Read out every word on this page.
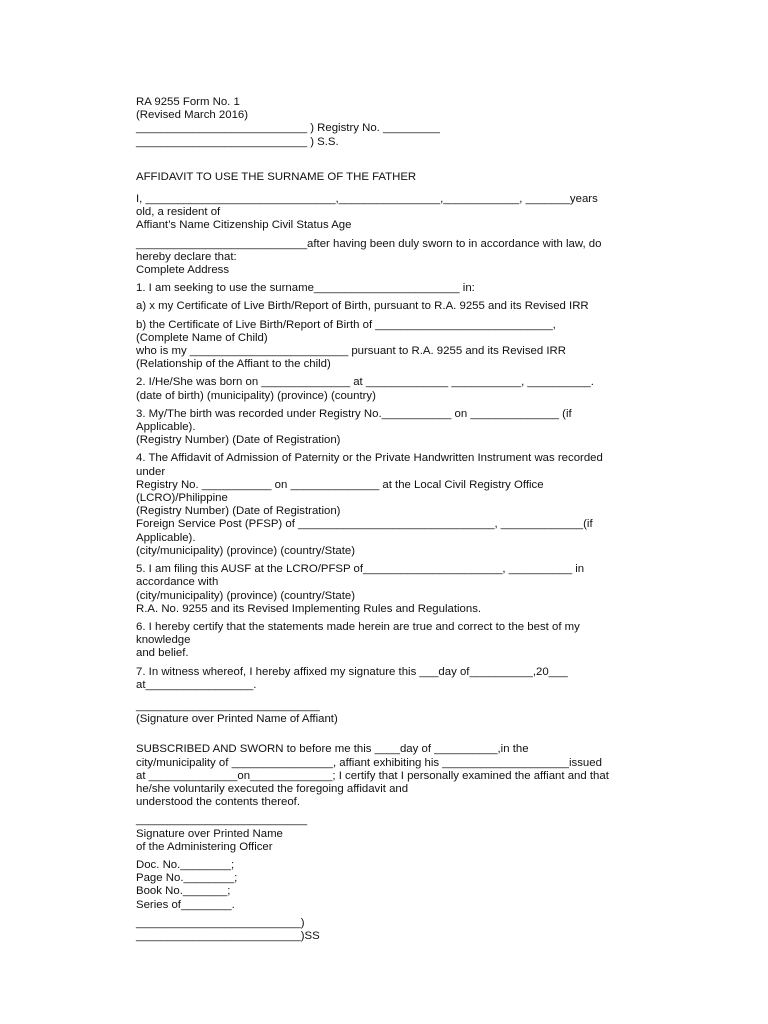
RA 9255 Form No. 1
(Revised March 2016)
___________________________ ) Registry No. _________
___________________________ ) S.S.
AFFIDAVIT TO USE THE SURNAME OF THE FATHER
I, ______________________________,________________,____________, _______years
old, a resident of
Affiant’s Name Citizenship Civil Status Age
___________________________after having been duly sworn to in accordance with law, do
hereby declare that:
Complete Address
1. I am seeking to use the surname_______________________ in:
a) x my Certificate of Live Birth/Report of Birth, pursuant to R.A. 9255 and its Revised IRR
b) the Certificate of Live Birth/Report of Birth of ____________________________,
(Complete Name of Child)
who is my _________________________ pursuant to R.A. 9255 and its Revised IRR
(Relationship of the Affiant to the child)
2. I/He/She was born on ______________ at _____________ ___________, __________.
(date of birth) (municipality) (province) (country)
3. My/The birth was recorded under Registry No.___________ on ______________ (if
Applicable).
(Registry Number) (Date of Registration)
4. The Affidavit of Admission of Paternity or the Private Handwritten Instrument was recorded
under
Registry No. ___________ on ______________ at the Local Civil Registry Office
(LCRO)/Philippine
(Registry Number) (Date of Registration)
Foreign Service Post (PFSP) of _______________________________, _____________(if
Applicable).
(city/municipality) (province) (country/State)
5. I am filing this AUSF at the LCRO/PFSP of______________________, __________ in
accordance with
(city/municipality) (province) (country/State)
R.A. No. 9255 and its Revised Implementing Rules and Regulations.
6. I hereby certify that the statements made herein are true and correct to the best of my
knowledge
and belief.
7. In witness whereof, I hereby affixed my signature this ___day of__________,20___
at_________________.
_____________________________
(Signature over Printed Name of Affiant)
SUBSCRIBED AND SWORN to before me this ____day of __________,in the
city/municipality of ________________, affiant exhibiting his ____________________issued
at ______________on_____________; I certify that I personally examined the affiant and that
he/she voluntarily executed the foregoing affidavit and
understood the contents thereof.
___________________________
Signature over Printed Name
of the Administering Officer
Doc. No.________;
Page No.________;
Book No._______;
Series of________.
__________________________)
__________________________)SS
